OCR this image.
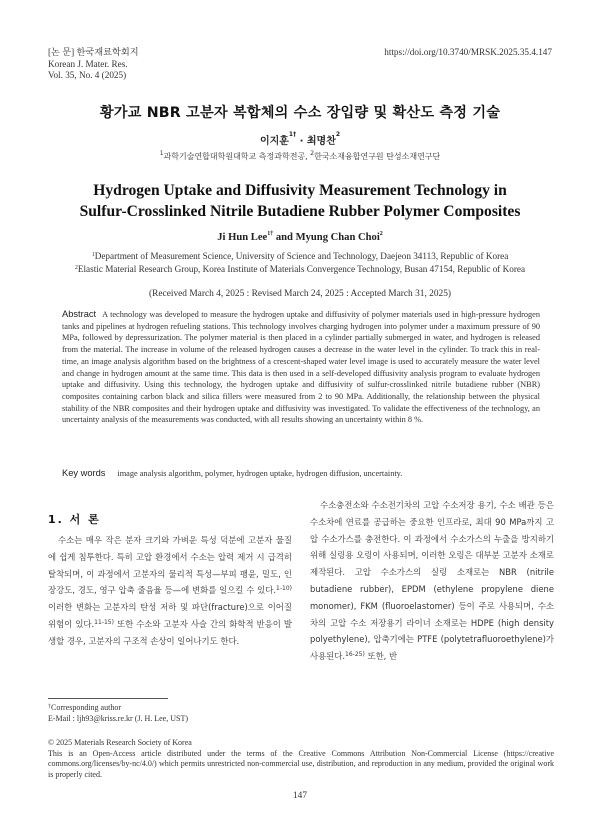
[논 문] 한국재료학회지
Korean J. Mater. Res.
Vol. 35, No. 4 (2025)
https://doi.org/10.3740/MRSK.2025.35.4.147
황가교 NBR 고분자 복합체의 수소 장입량 및 확산도 측정 기술
이지훈$^{1\dagger}$ · 최명찬$^2$
$^1$과학기술연합대학원대학교 측정과학전공, $^2$한국소재융합연구원 탄성소재연구단
Hydrogen Uptake and Diffusivity Measurement Technology in
Sulfur-Crosslinked Nitrile Butadiene Rubber Polymer Composites
Ji Hun Lee$^{1\dagger}$ and Myung Chan Choi$^2$
$^1$Department of Measurement Science, University of Science and Technology, Daejeon 34113, Republic of Korea
$^2$Elastic Material Research Group, Korea Institute of Materials Convergence Technology, Busan 47154, Republic of Korea
(Received March 4, 2025 : Revised March 24, 2025 : Accepted March 31, 2025)
Abstract A technology was developed to measure the hydrogen uptake and diffusivity of polymer materials used in high-pressure hydrogen tanks and pipelines at hydrogen refueling stations. This technology involves charging hydrogen into polymer under a maximum pressure of 90 MPa, followed by depressurization. The polymer material is then placed in a cylinder partially submerged in water, and hydrogen is released from the material. The increase in volume of the released hydrogen causes a decrease in the water level in the cylinder. To track this in real-time, an image analysis algorithm based on the brightness of a crescent-shaped water level image is used to accurately measure the water level and change in hydrogen amount at the same time. This data is then used in a self-developed diffusivity analysis program to evaluate hydrogen uptake and diffusivity. Using this technology, the hydrogen uptake and diffusivity of sulfur-crosslinked nitrile butadiene rubber (NBR) composites containing carbon black and silica fillers were measured from 2 to 90 MPa. Additionally, the relationship between the physical stability of the NBR composites and their hydrogen uptake and diffusivity was investigated. To validate the effectiveness of the technology, an uncertainty analysis of the measurements was conducted, with all results showing an uncertainty within 8 %.
Key words image analysis algorithm, polymer, hydrogen uptake, hydrogen diffusion, uncertainty.
1. 서 론
수소는 매우 작은 분자 크기와 가벼운 특성 덕분에 고분자 물질에 쉽게 침투한다. 특히 고압 환경에서 수소는 압력 제거 시 급격히 탈착되며, 이 과정에서 고분자의 물리적 특성—부피 팽윤, 밀도, 인장강도, 경도, 영구 압축 줄음율 등—에 변화를 일으킬 수 있다.$^{1-10)}$ 이러한 변화는 고분자의 탄성 저하 및 파단(fracture)으로 이어질 위험이 있다.$^{11-15)}$ 또한 수소와 고분자 사슬 간의 화학적 반응이 발생할 경우, 고분자의 구조적 손상이 일어나기도 한다.
수소충전소와 수소전기차의 고압 수소저장 용기, 수소 배관 등은 수소차에 연료를 공급하는 중요한 인프라로, 최대 90 MPa까지 고압 수소가스를 충전한다. 이 과정에서 수소가스의 누출을 방지하기 위해 실링용 오링이 사용되며, 이러한 오링은 대부분 고분자 소재로 제작된다. 고압 수소가스의 실링 소재로는 NBR (nitrile butadiene rubber), EPDM (ethylene propylene diene monomer), FKM (fluoroelastomer) 등이 주로 사용되며, 수소차의 고압 수소 저장용기 라이너 소재로는 HDPE (high density polyethylene), 압축기에는 PTFE (polytetrafluoroethylene)가 사용된다.$^{16-25)}$ 또한, 반
†Corresponding author
E-Mail : ljh93@kriss.re.kr (J. H. Lee, UST)
© 2025 Materials Research Society of Korea
This is an Open-Access article distributed under the terms of the Creative Commons Attribution Non-Commercial License (https://creative commons.org/licenses/by-nc/4.0/) which permits unrestricted non-commercial use, distribution, and reproduction in any medium, provided the original work is properly cited.
147
